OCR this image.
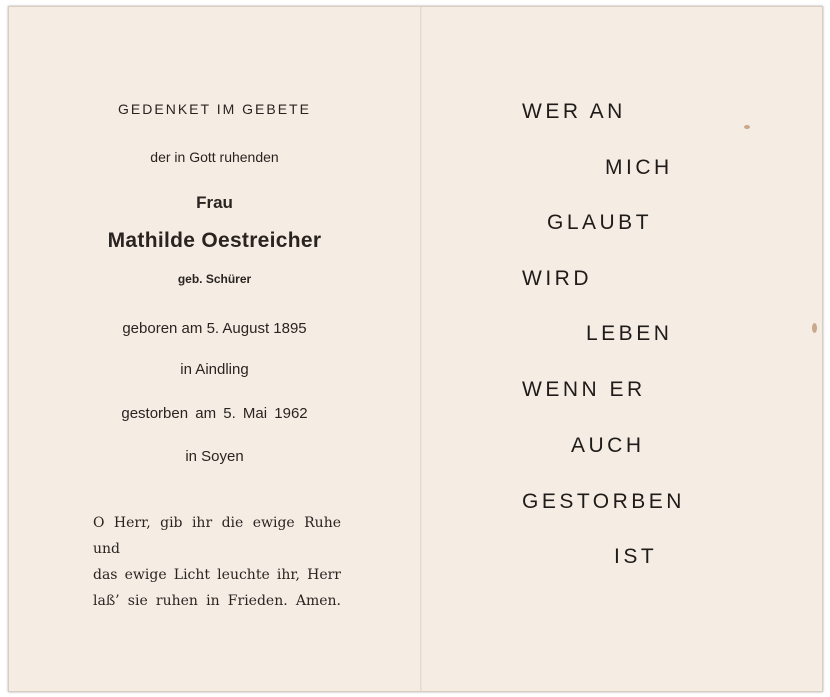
GEDENKET IM GEBETE
der in Gott ruhenden
Frau
Mathilde Oestreicher
geb. Schürer
geboren am 5. August 1895
in Aindling
gestorben am 5. Mai 1962
in Soyen
O Herr, gib ihr die ewige Ruhe und
das ewige Licht leuchte ihr, Herr
laß’ sie ruhen in Frieden. Amen.
WER AN
MICH
GLAUBT
WIRD
LEBEN
WENN ER
AUCH
GESTORBEN
IST
